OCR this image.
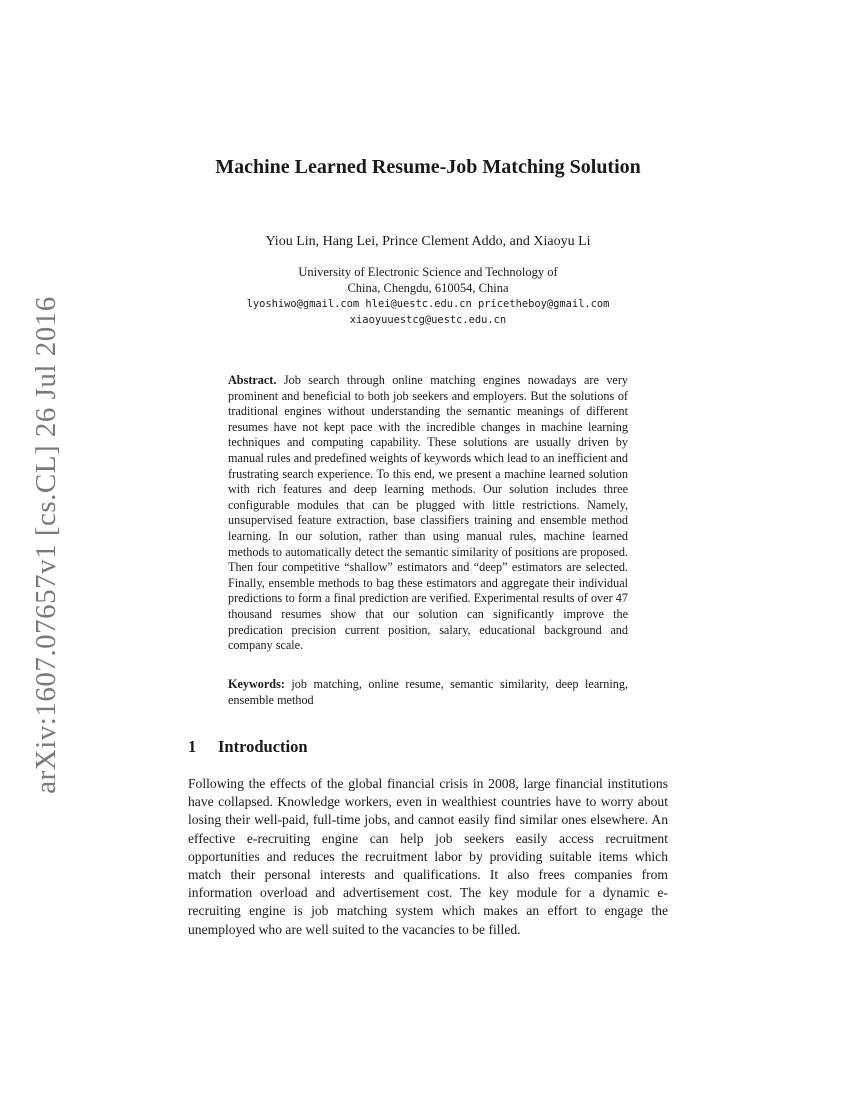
arXiv:1607.07657v1 [cs.CL] 26 Jul 2016
Machine Learned Resume-Job Matching Solution

Yiou Lin, Hang Lei, Prince Clement Addo, and Xiaoyu Li

University of Electronic Science and Technology of
China, Chengdu, 610054, China
lyoshiwo@gmail.com hlei@uestc.edu.cn pricetheboy@gmail.com
xiaoyuuestcg@uestc.edu.cn

Abstract. Job search through online matching engines nowadays are very prominent and beneficial to both job seekers and employers. But the solutions of traditional engines without understanding the semantic meanings of different resumes have not kept pace with the incredible changes in machine learning techniques and computing capability. These solutions are usually driven by manual rules and predefined weights of keywords which lead to an inefficient and frustrating search experience. To this end, we present a machine learned solution with rich features and deep learning methods. Our solution includes three configurable modules that can be plugged with little restrictions. Namely, unsupervised feature extraction, base classifiers training and ensemble method learning. In our solution, rather than using manual rules, machine learned methods to automatically detect the semantic similarity of positions are proposed. Then four competitive “shallow” estimators and “deep” estimators are selected. Finally, ensemble methods to bag these estimators and aggregate their individual predictions to form a final prediction are verified. Experimental results of over 47 thousand resumes show that our solution can significantly improve the predication precision current position, salary, educational background and company scale.

Keywords: job matching, online resume, semantic similarity, deep learning, ensemble method

1 Introduction

Following the effects of the global financial crisis in 2008, large financial institutions have collapsed. Knowledge workers, even in wealthiest countries have to worry about losing their well-paid, full-time jobs, and cannot easily find similar ones elsewhere. An effective e-recruiting engine can help job seekers easily access recruitment opportunities and reduces the recruitment labor by providing suitable items which match their personal interests and qualifications. It also frees companies from information overload and advertisement cost. The key module for a dynamic e-recruiting engine is job matching system which makes an effort to engage the unemployed who are well suited to the vacancies to be filled.
